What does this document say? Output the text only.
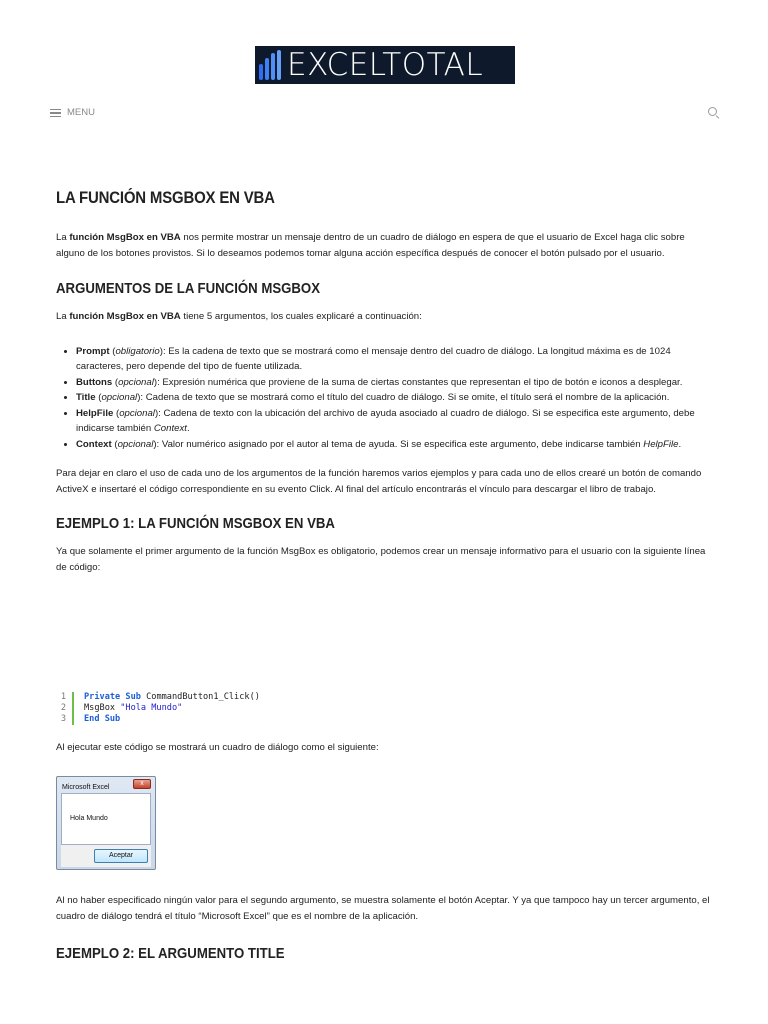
EXCELTOTAL
MENU
LA FUNCIÓN MSGBOX EN VBA

La función MsgBox en VBA nos permite mostrar un mensaje dentro de un cuadro de diálogo en espera de que el usuario de Excel haga clic sobre alguno de los botones provistos. Si lo deseamos podemos tomar alguna acción específica después de conocer el botón pulsado por el usuario.

ARGUMENTOS DE LA FUNCIÓN MSGBOX

La función MsgBox en VBA tiene 5 argumentos, los cuales explicaré a continuación:

• Prompt (obligatorio): Es la cadena de texto que se mostrará como el mensaje dentro del cuadro de diálogo. La longitud máxima es de 1024 caracteres, pero depende del tipo de fuente utilizada.
• Buttons (opcional): Expresión numérica que proviene de la suma de ciertas constantes que representan el tipo de botón e iconos a desplegar.
• Title (opcional): Cadena de texto que se mostrará como el título del cuadro de diálogo. Si se omite, el título será el nombre de la aplicación.
• HelpFile (opcional): Cadena de texto con la ubicación del archivo de ayuda asociado al cuadro de diálogo. Si se especifica este argumento, debe indicarse también Context.
• Context (opcional): Valor numérico asignado por el autor al tema de ayuda. Si se especifica este argumento, debe indicarse también HelpFile.

Para dejar en claro el uso de cada uno de los argumentos de la función haremos varios ejemplos y para cada uno de ellos crearé un botón de comando ActiveX e insertaré el código correspondiente en su evento Click. Al final del artículo encontrarás el vínculo para descargar el libro de trabajo.

EJEMPLO 1: LA FUNCIÓN MSGBOX EN VBA

Ya que solamente el primer argumento de la función MsgBox es obligatorio, podemos crear un mensaje informativo para el usuario con la siguiente línea de código:

1	Private Sub CommandButton1_Click()
2	MsgBox "Hola Mundo"
3	End Sub

Al ejecutar este código se mostrará un cuadro de diálogo como el siguiente:

Microsoft Excel
x
Hola Mundo
Aceptar

Al no haber especificado ningún valor para el segundo argumento, se muestra solamente el botón Aceptar. Y ya que tampoco hay un tercer argumento, el cuadro de diálogo tendrá el título “Microsoft Excel” que es el nombre de la aplicación.

EJEMPLO 2: EL ARGUMENTO TITLE
